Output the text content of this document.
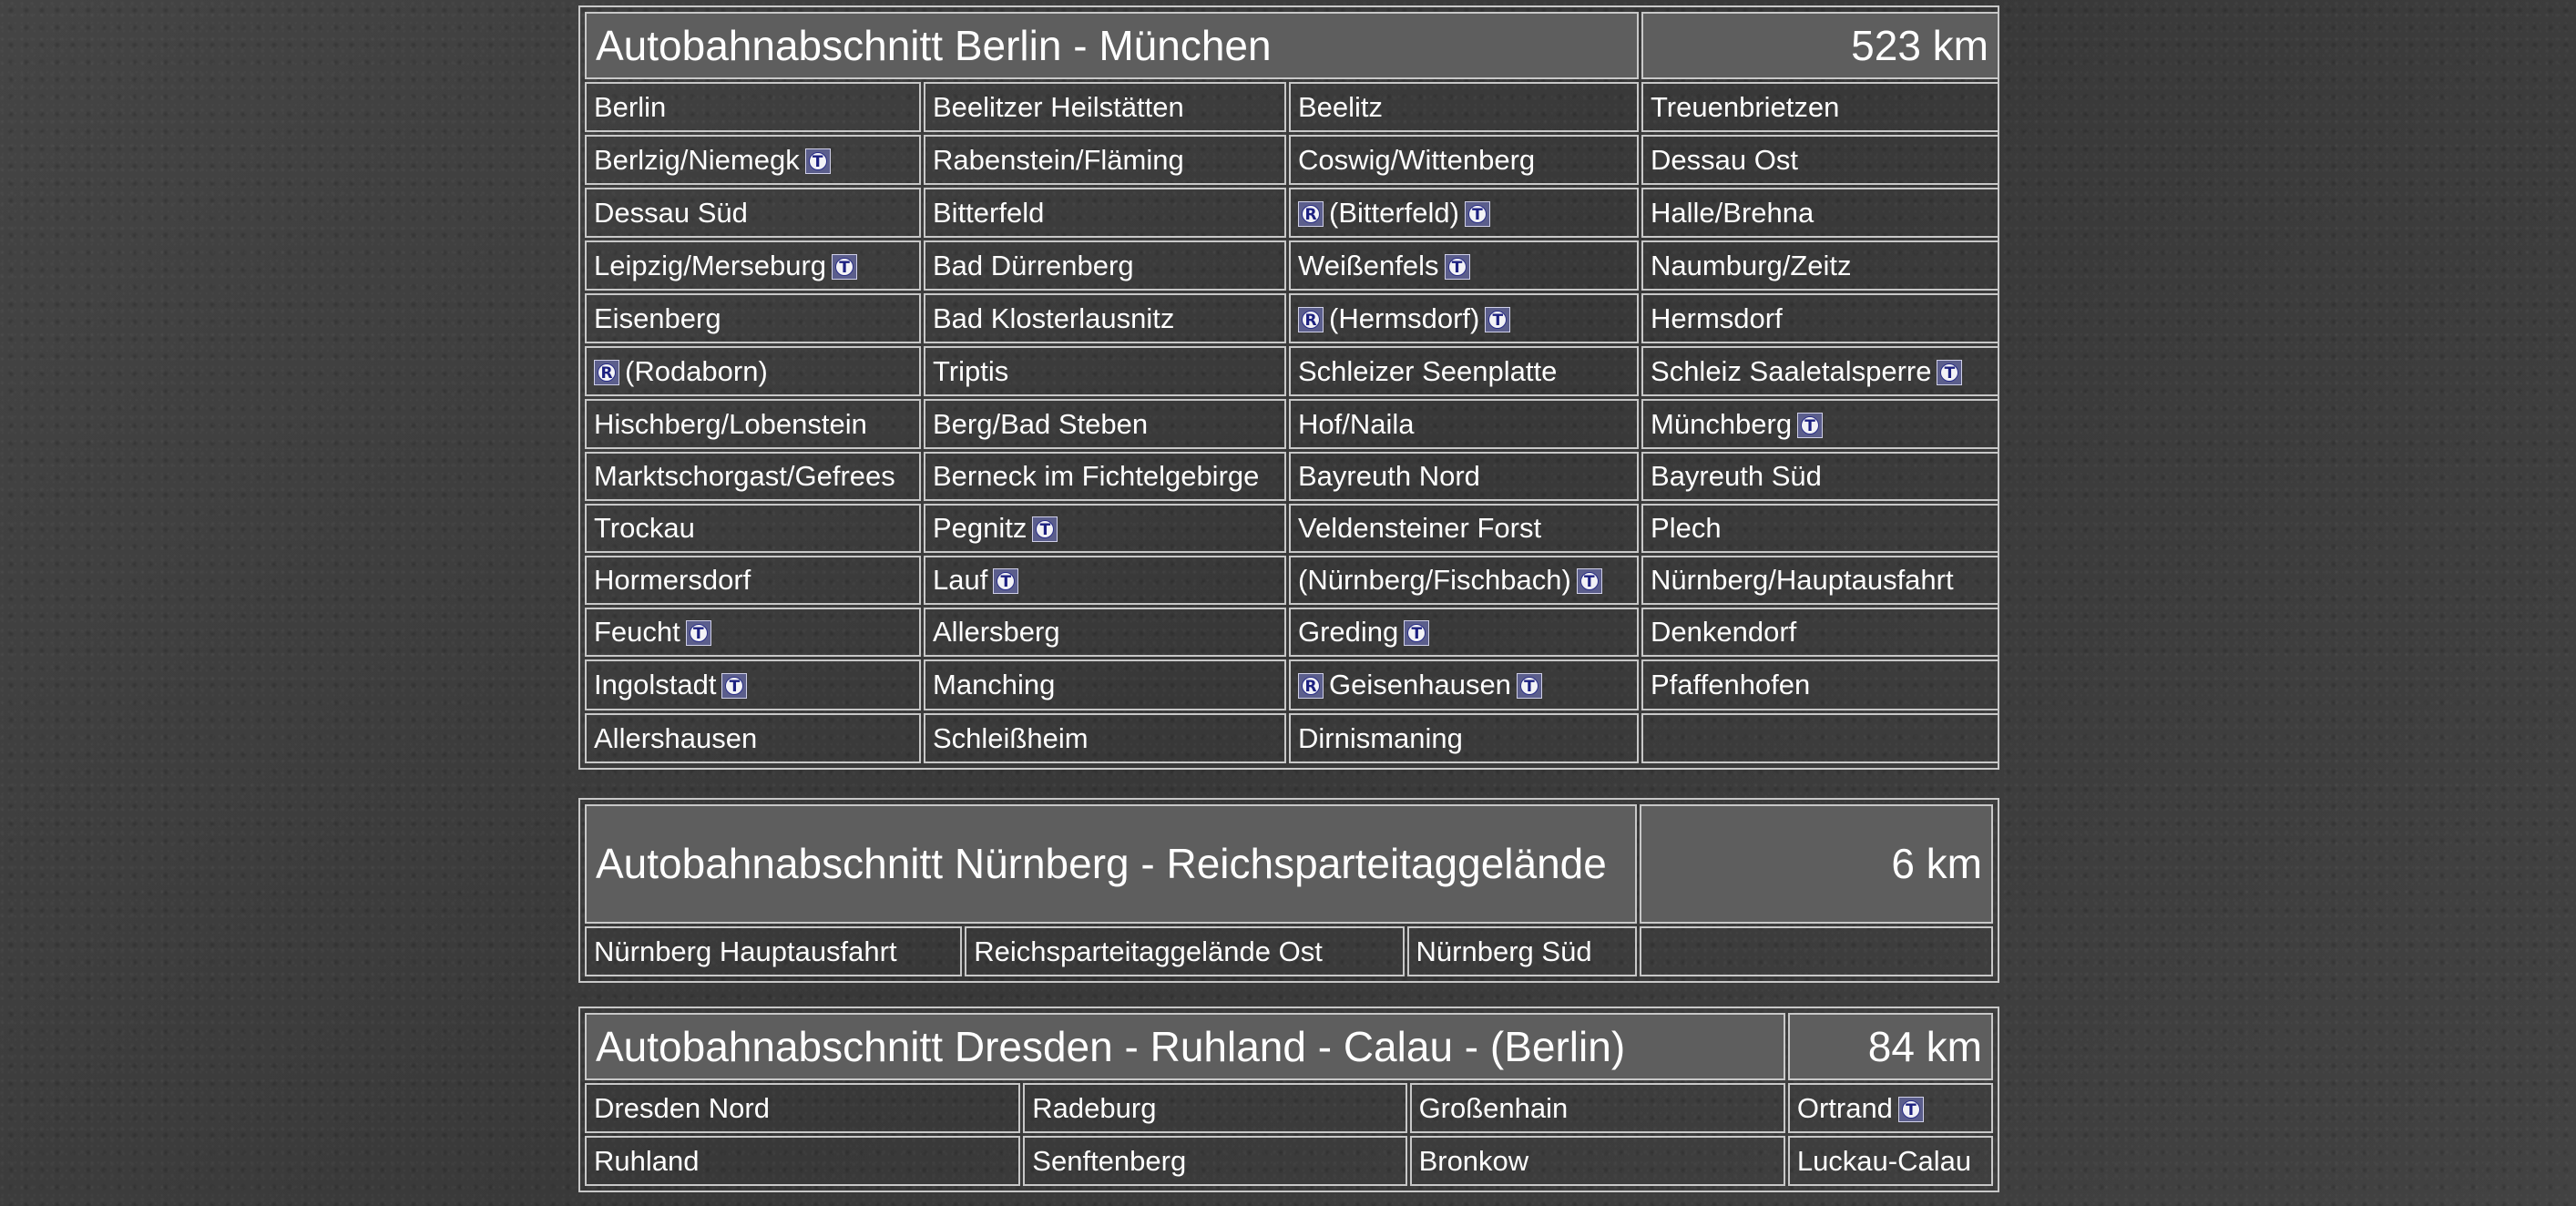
Autobahnabschnitt Berlin - München			523 km
Berlin	Beelitzer Heilstätten	Beelitz	Treuenbrietzen
Berlzig/NiemegkT	Rabenstein/Fläming	Coswig/Wittenberg	Dessau Ost
Dessau Süd	Bitterfeld	R(Bitterfeld)T	Halle/Brehna
Leipzig/MerseburgT	Bad Dürrenberg	WeißenfelsT	Naumburg/Zeitz
Eisenberg	Bad Klosterlausnitz	R(Hermsdorf)T	Hermsdorf
R(Rodaborn)	Triptis	Schleizer Seenplatte	Schleiz SaaletalsperreT
Hischberg/Lobenstein	Berg/Bad Steben	Hof/Naila	MünchbergT
Marktschorgast/Gefrees	Berneck im Fichtelgebirge	Bayreuth Nord	Bayreuth Süd
Trockau	PegnitzT	Veldensteiner Forst	Plech
Hormersdorf	LaufT	(Nürnberg/Fischbach)T	Nürnberg/Hauptausfahrt
FeuchtT	Allersberg	GredingT	Denkendorf
IngolstadtT	Manching	RGeisenhausenT	Pfaffenhofen
Allershausen	Schleißheim	Dirnismaning	
Autobahnabschnitt Nürnberg - Reichsparteitaggelände			6 km
Nürnberg Hauptausfahrt	Reichsparteitaggelände Ost	Nürnberg Süd	
Autobahnabschnitt Dresden - Ruhland - Calau - (Berlin)			84 km
Dresden Nord	Radeburg	Großenhain	OrtrandT
Ruhland	Senftenberg	Bronkow	Luckau-Calau
